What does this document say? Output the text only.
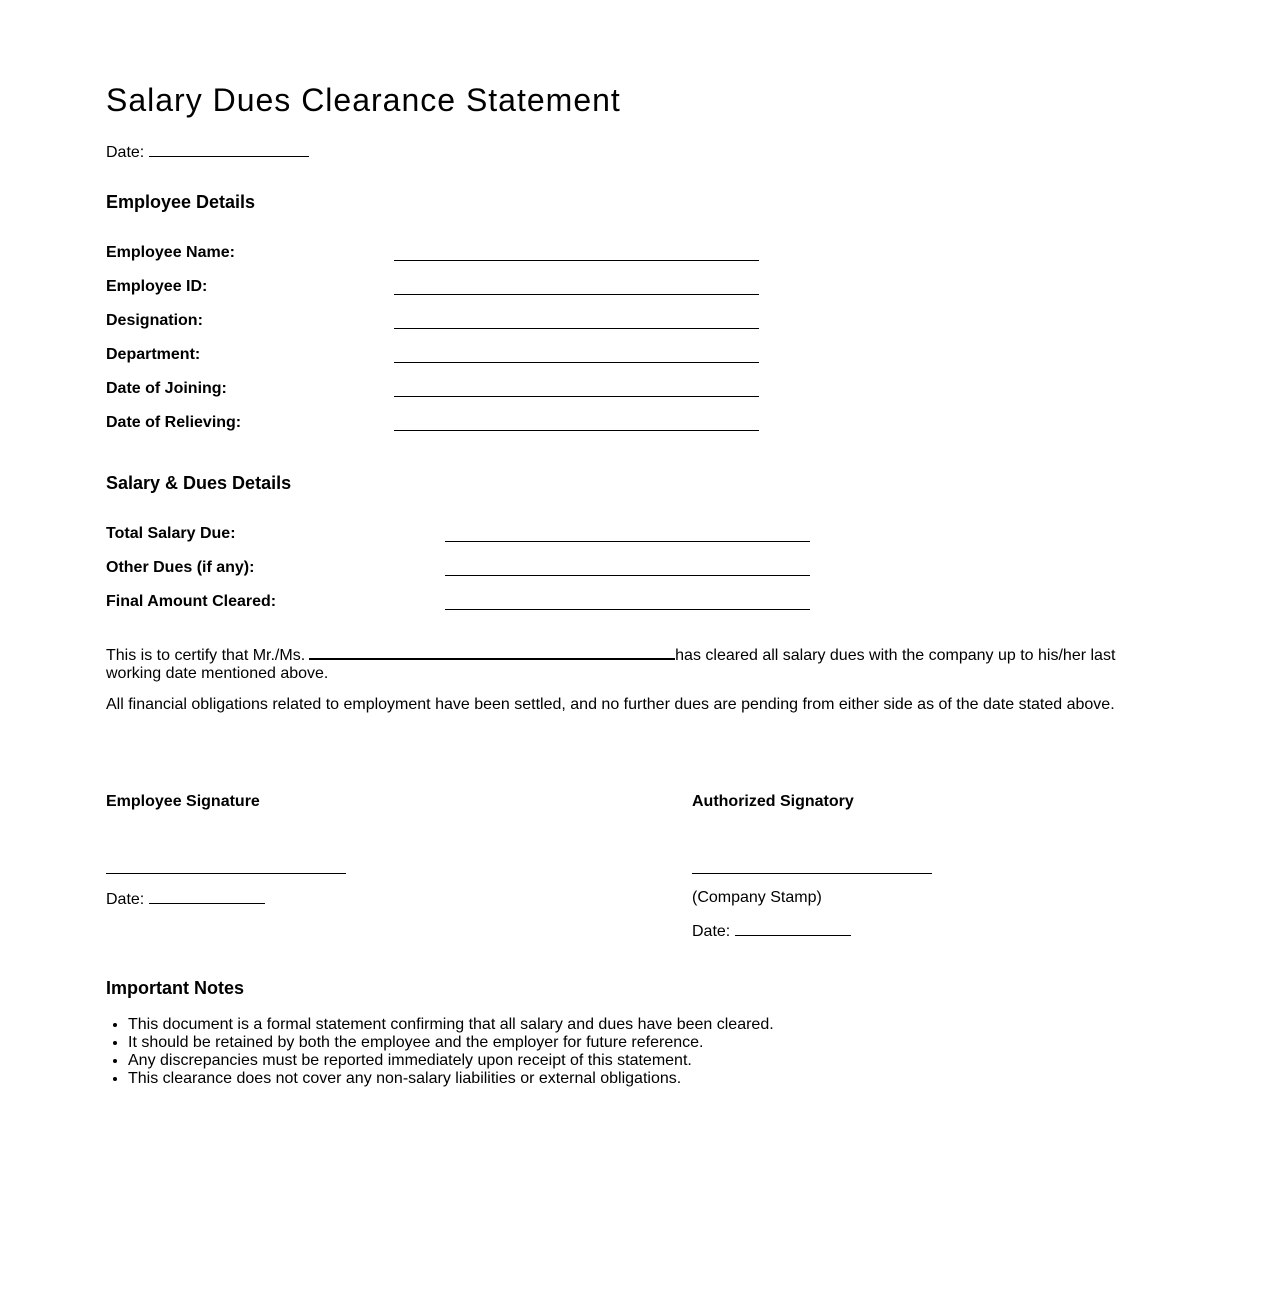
Salary Dues Clearance Statement
Date:
Employee Details
Employee Name:
Employee ID:
Designation:
Department:
Date of Joining:
Date of Relieving:
Salary & Dues Details
Total Salary Due:
Other Dues (if any):
Final Amount Cleared:
This is to certify that Mr./Ms.	has cleared all salary dues with the company up to his/her last working date mentioned above.
All financial obligations related to employment have been settled, and no further dues are pending from either side as of the date stated above.
Employee Signature
Date:
Authorized Signatory
(Company Stamp)
Date:
Important Notes
• This document is a formal statement confirming that all salary and dues have been cleared.
• It should be retained by both the employee and the employer for future reference.
• Any discrepancies must be reported immediately upon receipt of this statement.
• This clearance does not cover any non-salary liabilities or external obligations.
